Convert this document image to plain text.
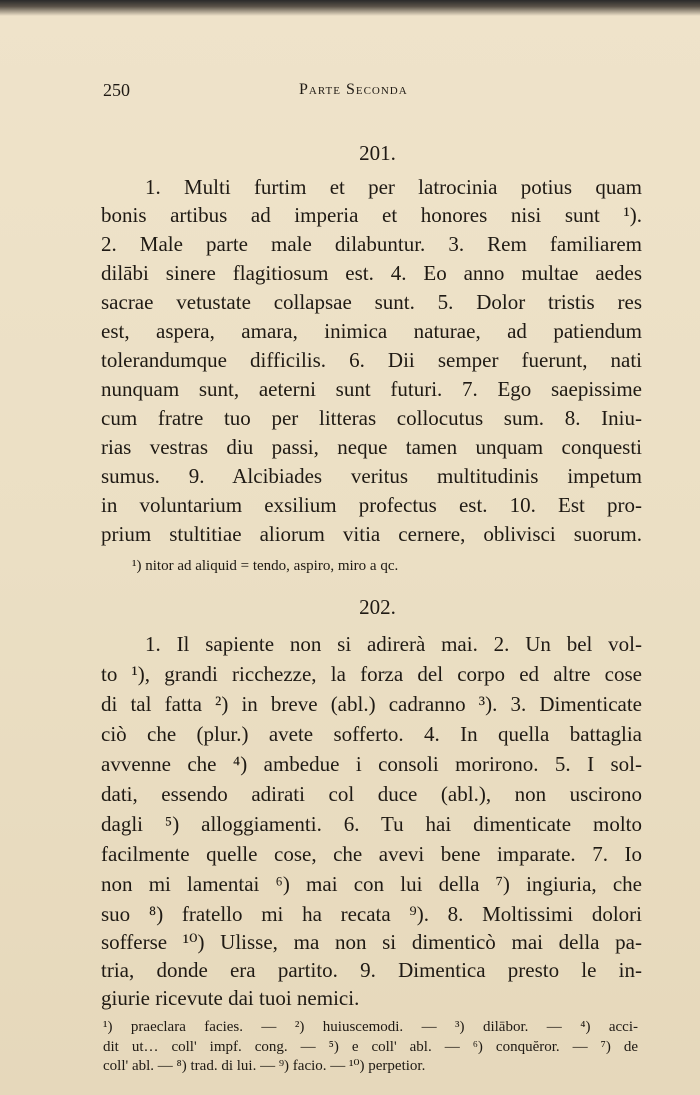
250	Parte Seconda
201.
1. Multi furtim et per latrocinia potius quam
bonis artibus ad imperia et honores nisi sunt ¹).
2. Male parte male dilabuntur. 3. Rem familiarem
dilābi sinere flagitiosum est. 4. Eo anno multae aedes
sacrae vetustate collapsae sunt. 5. Dolor tristis res
est, aspera, amara, inimica naturae, ad patiendum
tolerandumque difficilis. 6. Dii semper fuerunt, nati
nunquam sunt, aeterni sunt futuri. 7. Ego saepissime
cum fratre tuo per litteras collocutus sum. 8. Iniu-
rias vestras diu passi, neque tamen unquam conquesti
sumus. 9. Alcibiades veritus multitudinis impetum
in voluntarium exsilium profectus est. 10. Est pro-
prium stultitiae aliorum vitia cernere, oblivisci suorum.
¹) nitor ad aliquid = tendo, aspiro, miro a qc.
202.
1. Il sapiente non si adirerà mai. 2. Un bel vol-
to ¹), grandi ricchezze, la forza del corpo ed altre cose
di tal fatta ²) in breve (abl.) cadranno ³). 3. Dimenticate
ciò che (plur.) avete sofferto. 4. In quella battaglia
avvenne che ⁴) ambedue i consoli morirono. 5. I sol-
dati, essendo adirati col duce (abl.), non uscirono
dagli ⁵) alloggiamenti. 6. Tu hai dimenticate molto
facilmente quelle cose, che avevi bene imparate. 7. Io
non mi lamentai ⁶) mai con lui della ⁷) ingiuria, che
suo ⁸) fratello mi ha recata ⁹). 8. Moltissimi dolori
sofferse ¹⁰) Ulisse, ma non si dimenticò mai della pa-
tria, donde era partito. 9. Dimentica presto le in-
giurie ricevute dai tuoi nemici.
¹) praeclara facies. — ²) huiuscemodi. — ³) dilābor. — ⁴) acci-
dit ut… coll' impf. cong. — ⁵) e coll' abl. — ⁶) conquĕror. — ⁷) de
coll' abl. — ⁸) trad. di lui. — ⁹) facio. — ¹⁰) perpetior.
